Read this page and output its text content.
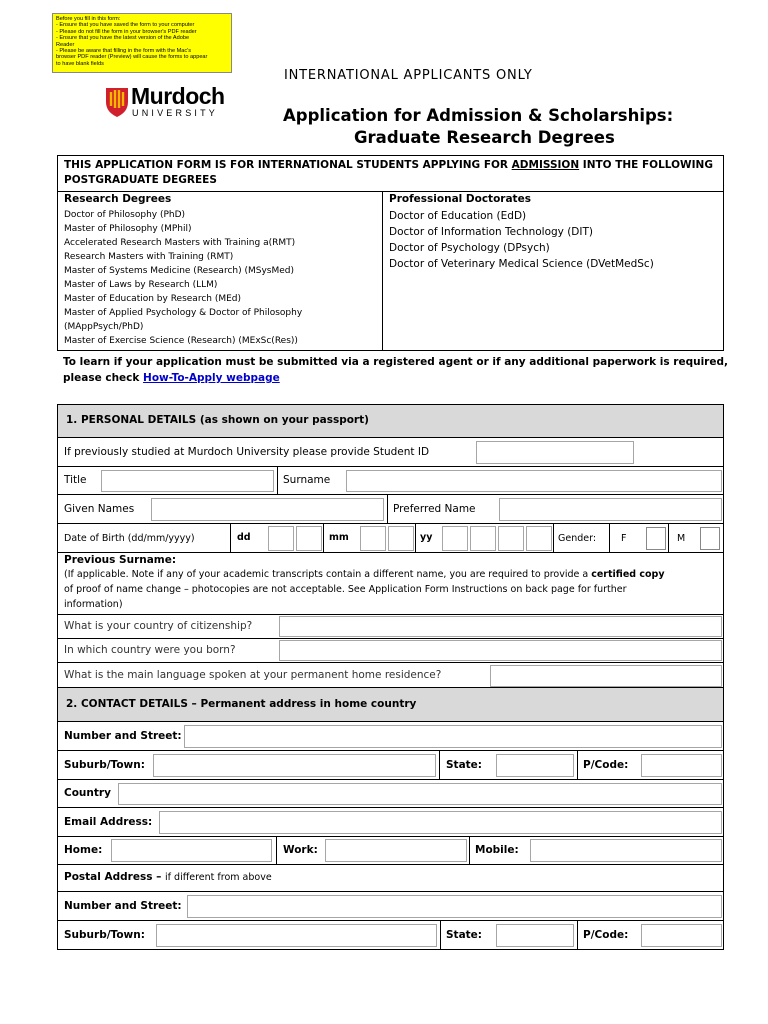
Before you fill in this form:
- Ensure that you have saved the form to your computer
- Please do not fill the form in your browser's PDF reader
- Ensure that you have the latest version of the Adobe
Reader
- Please be aware that filling in the form with the Mac's
browser PDF reader (Preview) will cause the forms to appear
to have blank fields
Murdoch
UNIVERSITY
INTERNATIONAL APPLICANTS ONLY
Application for Admission & Scholarships:
Graduate Research Degrees
THIS APPLICATION FORM IS FOR INTERNATIONAL STUDENTS APPLYING FOR ADMISSION INTO THE FOLLOWING
POSTGRADUATE DEGREES
Research Degrees
Doctor of Philosophy (PhD)
Master of Philosophy (MPhil)
Accelerated Research Masters with Training a(RMT)
Research Masters with Training (RMT)
Master of Systems Medicine (Research) (MSysMed)
Master of Laws by Research (LLM)
Master of Education by Research (MEd)
Master of Applied Psychology & Doctor of Philosophy
(MAppPsych/PhD)
Master of Exercise Science (Research) (MExSc(Res))
Professional Doctorates
Doctor of Education (EdD)
Doctor of Information Technology (DIT)
Doctor of Psychology (DPsych)
Doctor of Veterinary Medical Science (DVetMedSc)
To learn if your application must be submitted via a registered agent or if any additional paperwork is required,
please check How-To-Apply webpage
1. PERSONAL DETAILS (as shown on your passport)
If previously studied at Murdoch University please provide Student ID
Title	Surname
Given Names	Preferred Name
Date of Birth (dd/mm/yyyy)	dd	mm	yy	Gender:	F	M
Previous Surname:
(If applicable. Note if any of your academic transcripts contain a different name, you are required to provide a certified copy
of proof of name change – photocopies are not acceptable. See Application Form Instructions on back page for further
information)
What is your country of citizenship?
In which country were you born?
What is the main language spoken at your permanent home residence?
2. CONTACT DETAILS – Permanent address in home country
Number and Street:
Suburb/Town:	State:	P/Code:
Country
Email Address:
Home:	Work:	Mobile:
Postal Address – if different from above
Number and Street:
Suburb/Town:	State:	P/Code:
